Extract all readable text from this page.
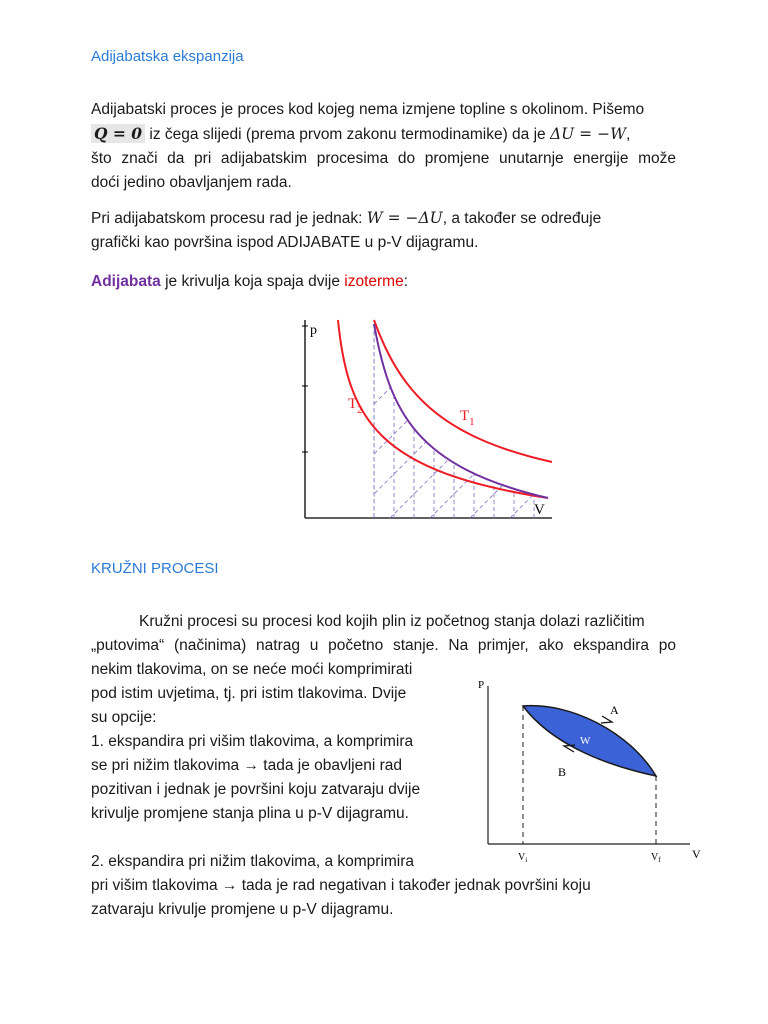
Adijabatska ekspanzija
Adijabatski proces je proces kod kojeg nema izmjene topline s okolinom. Pišemo
Q = 0 iz čega slijedi (prema prvom zakonu termodinamike) da je ΔU = −W,
što znači da pri adijabatskim procesima do promjene unutarnje energije može
doći jedino obavljanjem rada.
Pri adijabatskom procesu rad je jednak: W = −ΔU, a također se određuje
grafički kao površina ispod ADIJABATE u p-V dijagramu.
Adijabata je krivulja koja spaja dvije izoterme:
p
V
$T_2$	$T_1$
KRUŽNI PROCESI
Kružni procesi su procesi kod kojih plin iz početnog stanja dolazi različitim
„putovima“ (načinima) natrag u početno stanje. Na primjer, ako ekspandira po
nekim tlakovima, on se neće moći komprimirati
pod istim uvjetima, tj. pri istim tlakovima. Dvije
su opcije:
1. ekspandira pri višim tlakovima, a komprimira
se pri nižim tlakovima → tada je obavljeni rad
pozitivan i jednak je površini koju zatvaraju dvije
krivulje promjene stanja plina u p-V dijagramu.
2. ekspandira pri nižim tlakovima, a komprimira
pri višim tlakovima → tada je rad negativan i također jednak površini koju
zatvaraju krivulje promjene u p-V dijagramu.
P
V
A
B
W
$V_i$	$V_f$
